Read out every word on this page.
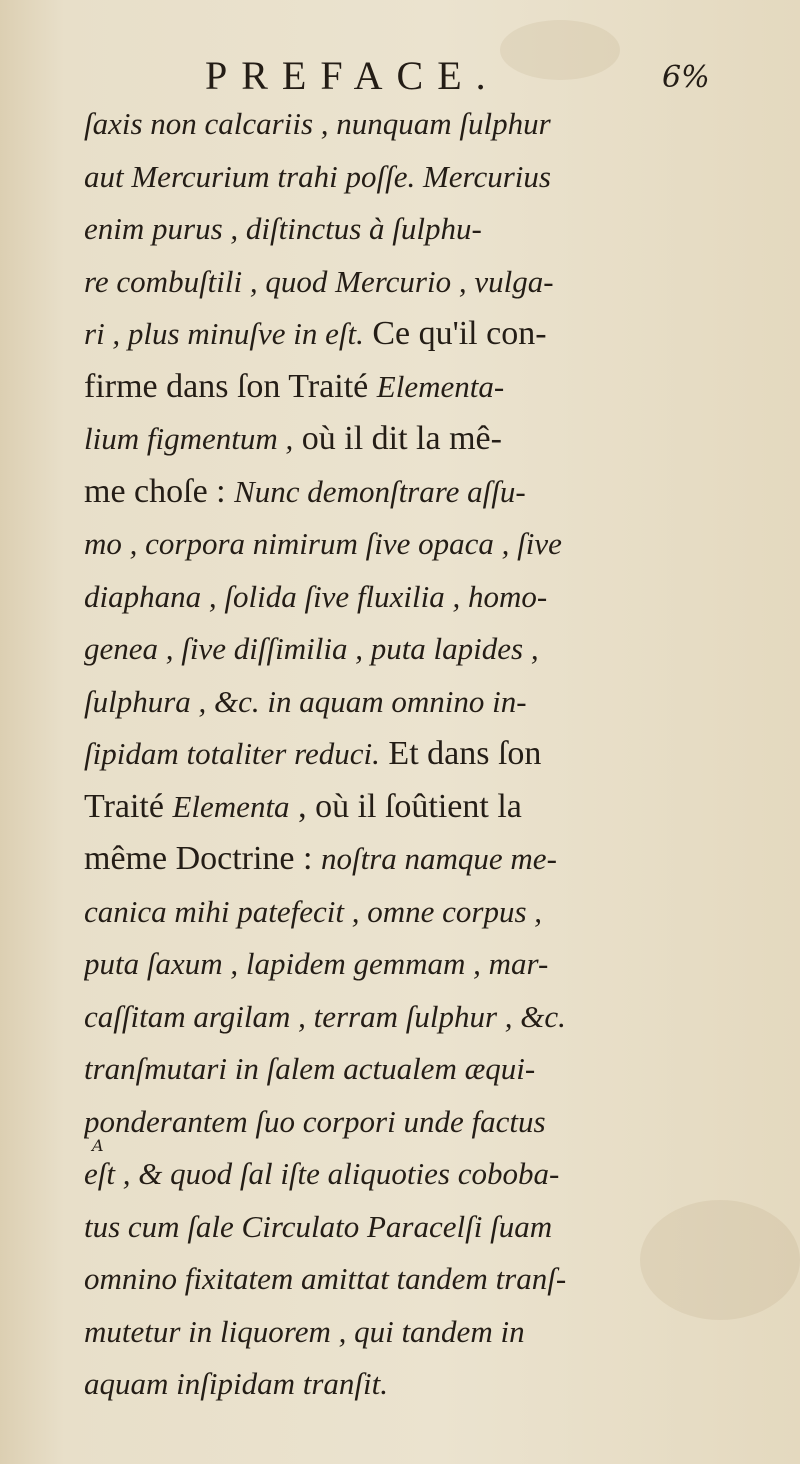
PREFACE.	6%
ſaxis non calcariis , nunquam ſulphur
aut Mercurium trahi poſſe. Mercurius
enim purus , diſtinctus à ſulphu-
re combuſtili , quod Mercurio , vulga-
ri , plus minuſve in eſt. Ce qu'il con-
firme dans ſon Traité Elementa-
lium figmentum , où il dit la mê-
me choſe : Nunc demonſtrare aſſu-
mo , corpora nimirum ſive opaca , ſive
diaphana , ſolida ſive fluxilia , homo-
genea , ſive diſſimilia , puta lapides ,
ſulphura , &c. in aquam omnino in-
ſipidam totaliter reduci. Et dans ſon
Traité Elementa , où il ſoûtient la
même Doctrine : noſtra namque me-
canica mihi patefecit , omne corpus ,
puta ſaxum , lapidem gemmam , mar-
caſſitam argilam , terram ſulphur , &c.
tranſmutari in ſalem actualem æqui-
ponderantem ſuo corpori unde factus
eſt , & quod ſal iſte aliquoties coboba-
tus cum ſale Circulato Paracelſi ſuam
omnino fixitatem amittat tandem tranſ-
mutetur in liquorem , qui tandem in
aquam inſipidam tranſit.
A
